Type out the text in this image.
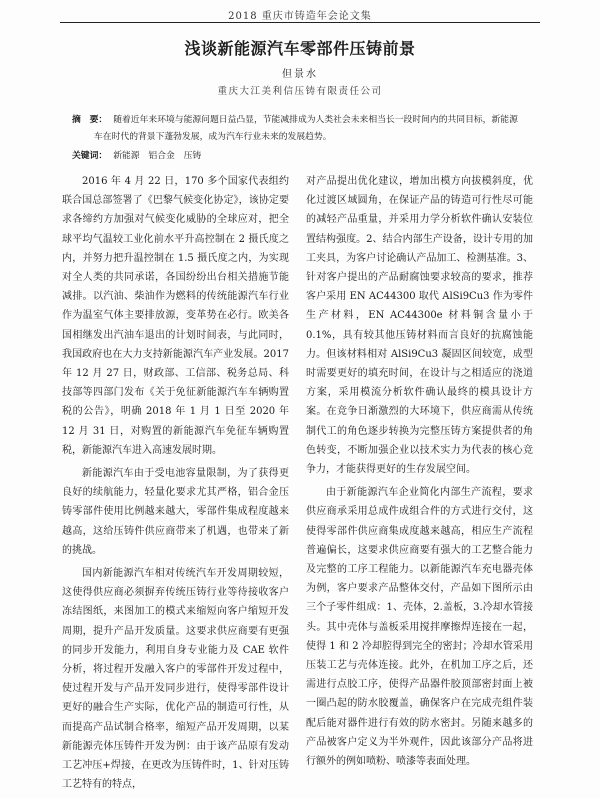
2018 重庆市铸造年会论文集
浅谈新能源汽车零部件压铸前景
但景水
重庆大江美利信压铸有限责任公司
摘　要： 随着近年来环境与能源问题日益凸显，节能减排成为人类社会未来相当长一段时间内的共同目标，新能源
车在时代的背景下蓬勃发展，成为汽车行业未来的发展趋势。
关键词： 新能源　铝合金　压铸

2016 年 4 月 22 日，170 多个国家代表组约联合国总部签署了《巴黎气候变化协定》，该协定要求各缔约方加强对气候变化威胁的全球应对，把全球平均气温较工业化前水平升高控制在 2 摄氏度之内，并努力把升温控制在 1.5 摄氏度之内，为实现对全人类的共同承诺，各国纷纷出台相关措施节能减排。以汽油、柴油作为燃料的传统能源汽车行业作为温室气体主要排放源，变革势在必行。欧美各国相继发出汽油车退出的计划时间表，与此同时，我国政府也在大力支持新能源汽车产业发展。2017 年 12 月 27 日，财政部、工信部、税务总局、科技部等四部门发布《关于免征新能源汽车车辆购置税的公告》，明确 2018 年 1 月 1 日至 2020 年 12 月 31 日，对购置的新能源汽车免征车辆购置税，新能源汽车进入高速发展时期。

新能源汽车由于受电池容量限制，为了获得更良好的续航能力，轻量化要求尤其严格，铝合金压铸零部件使用比例越来越大，零部件集成程度越来越高，这给压铸件供应商带来了机遇，也带来了新的挑战。

国内新能源汽车相对传统汽车开发周期较短，这使得供应商必须摒弃传统压铸行业等待接收客户冻结图纸，来图加工的模式来缩短向客户缩短开发周期，提升产品开发质量。这要求供应商要有更强的同步开发能力，利用自身专业能力及 CAE 软件分析，将过程开发融入客户的零部件开发过程中，使过程开发与产品开发同步进行，使得零部件设计更好的融合生产实际，优化产品的制造可行性，从而提高产品试制合格率，缩短产品开发周期，以某新能源壳体压铸件开发为例：由于该产品原有发动工艺冲压+焊接，在更改为压铸件时，1、针对压铸工艺特有的特点，

对产品提出优化建议，增加出模方向拔模斜度，优化过渡区域圆角，在保证产品的铸造可行性尽可能的减轻产品重量，并采用力学分析软件确认安装位置结构强度。2、结合内部生产设备，设计专用的加工夹具，为客户讨论确认产品加工、检测基准。3、针对客户提出的产品耐腐蚀要求较高的要求，推荐客户采用 EN AC44300 取代 AlSi9Cu3 作为零件生产材料，EN AC44300e 材料铜含量小于 0.1%，具有较其他压铸材料而言良好的抗腐蚀能力。但该材料相对 AlSi9Cu3 凝固区间较宽，成型时需要更好的填充时间，在设计与之相适应的浇道方案，采用模流分析软件确认最终的模具设计方案。在竞争日渐激烈的大环境下，供应商需从传统制代工的角色逐步转换为完整压铸方案提供者的角色转变，不断加强企业以技术实力为代表的核心竞争力，才能获得更好的生存发展空间。

由于新能源汽车企业简化内部生产流程，要求供应商承采用总成件成组合件的方式进行交付，这使得零部件供应商集成度越来越高，相应生产流程普遍偏长，这要求供应商要有强大的工艺整合能力及完整的工序工程能力。以新能源汽车充电器壳体为例，客户要求产品整体交付，产品如下图所示由三个子零件组成：1、壳体，2.盖板，3.冷却水管接头。其中壳体与盖板采用搅拌摩擦焊连接在一起，使得 1 和 2 冷却腔得到完全的密封；冷却水管采用压装工艺与壳体连接。此外，在机加工序之后，还需进行点胶工序，使得产品器件胶顶部密封面上被一圈凸起的防水胶覆盖，确保客户在完成壳组件装配后能对器件进行有效的防水密封。另随来越多的产品被客户定义为半外观件，因此该部分产品将进行额外的例如喷粉、喷漆等表面处理。
